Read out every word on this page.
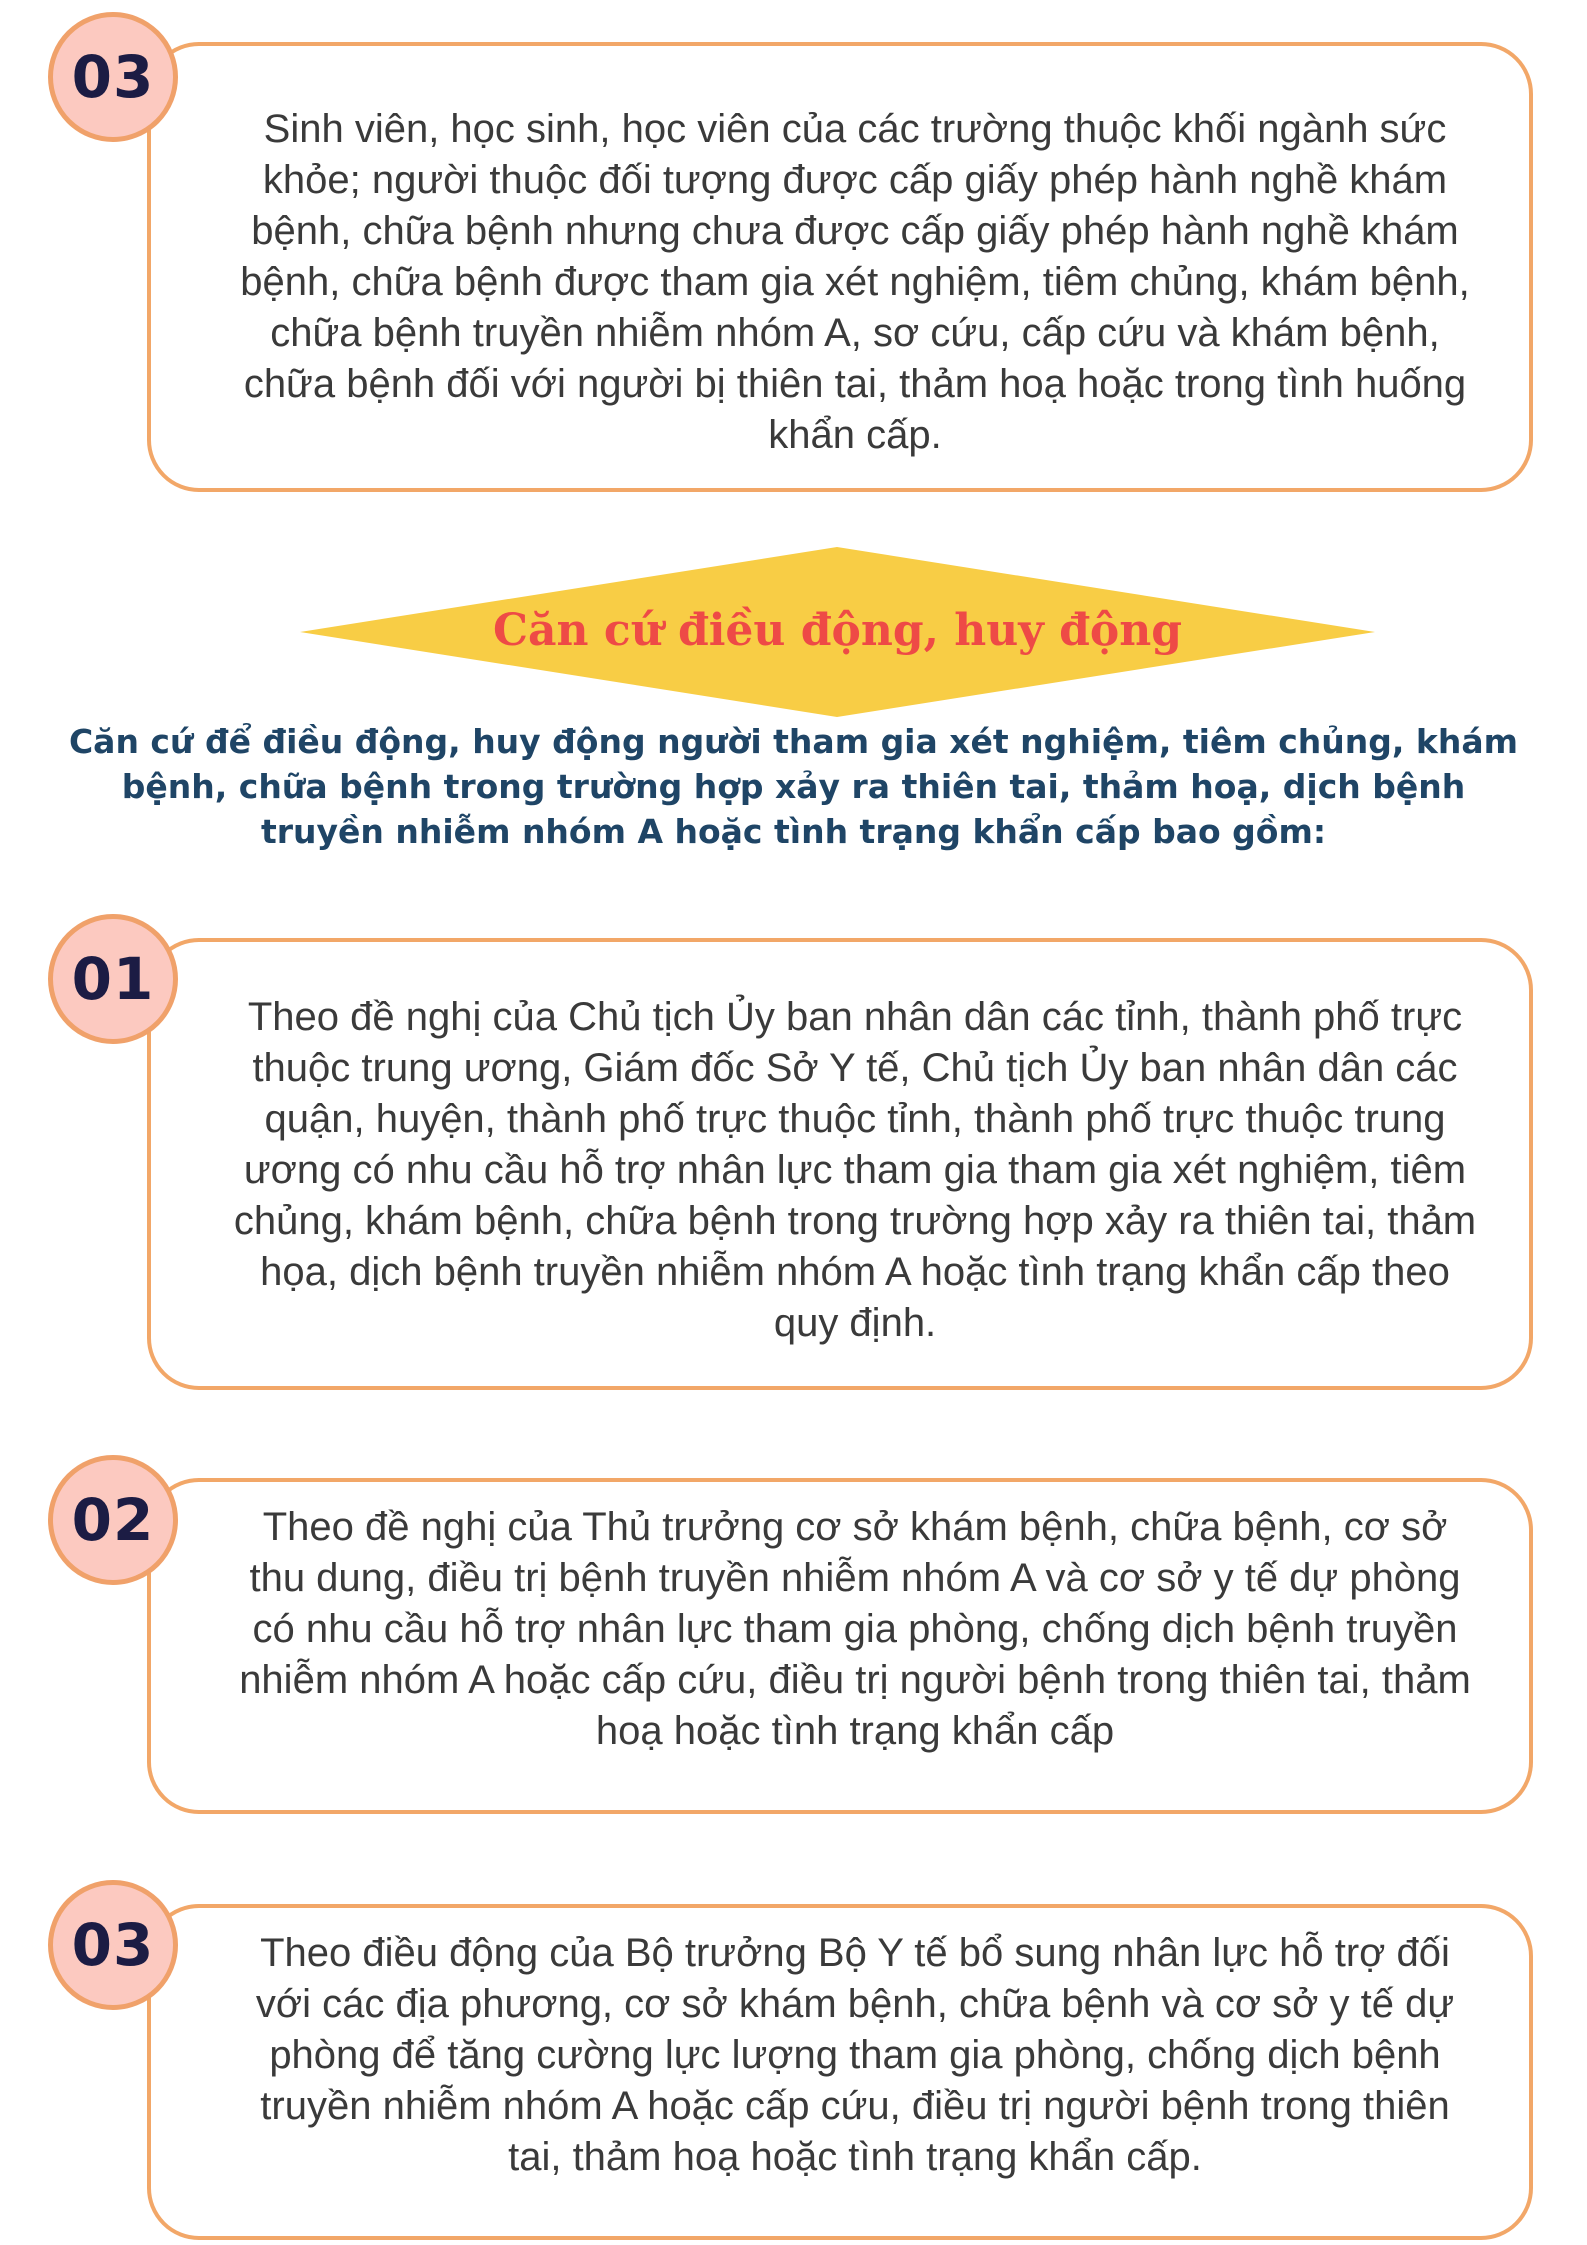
Sinh viên, học sinh, học viên của các trường thuộc khối ngành sức khỏe; người thuộc đối tượng được cấp giấy phép hành nghề khám bệnh, chữa bệnh nhưng chưa được cấp giấy phép hành nghề khám bệnh, chữa bệnh được tham gia xét nghiệm, tiêm chủng, khám bệnh, chữa bệnh truyền nhiễm nhóm A, sơ cứu, cấp cứu và khám bệnh, chữa bệnh đối với người bị thiên tai, thảm hoạ hoặc trong tình huống khẩn cấp.
03
Căn cứ điều động, huy động
Căn cứ để điều động, huy động người tham gia xét nghiệm, tiêm chủng, khám bệnh, chữa bệnh trong trường hợp xảy ra thiên tai, thảm hoạ, dịch bệnh truyền nhiễm nhóm A hoặc tình trạng khẩn cấp bao gồm:
Theo đề nghị của Chủ tịch Ủy ban nhân dân các tỉnh, thành phố trực thuộc trung ương, Giám đốc Sở Y tế, Chủ tịch Ủy ban nhân dân các quận, huyện, thành phố trực thuộc tỉnh, thành phố trực thuộc trung ương có nhu cầu hỗ trợ nhân lực tham gia tham gia xét nghiệm, tiêm chủng, khám bệnh, chữa bệnh trong trường hợp xảy ra thiên tai, thảm họa, dịch bệnh truyền nhiễm nhóm A hoặc tình trạng khẩn cấp theo quy định.
01
Theo đề nghị của Thủ trưởng cơ sở khám bệnh, chữa bệnh, cơ sở thu dung, điều trị bệnh truyền nhiễm nhóm A và cơ sở y tế dự phòng có nhu cầu hỗ trợ nhân lực tham gia phòng, chống dịch bệnh truyền nhiễm nhóm A hoặc cấp cứu, điều trị người bệnh trong thiên tai, thảm hoạ hoặc tình trạng khẩn cấp
02
Theo điều động của Bộ trưởng Bộ Y tế bổ sung nhân lực hỗ trợ đối với các địa phương, cơ sở khám bệnh, chữa bệnh và cơ sở y tế dự phòng để tăng cường lực lượng tham gia phòng, chống dịch bệnh truyền nhiễm nhóm A hoặc cấp cứu, điều trị người bệnh trong thiên tai, thảm hoạ hoặc tình trạng khẩn cấp.
03
